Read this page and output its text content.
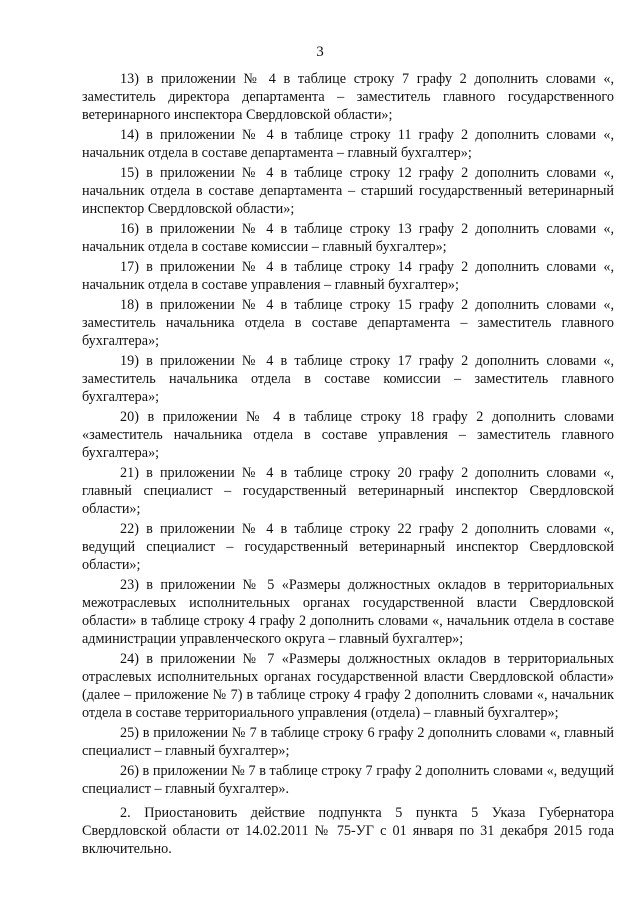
3

13) в приложении № 4 в таблице строку 7 графу 2 дополнить словами «, заместитель директора департамента – заместитель главного государственного ветеринарного инспектора Свердловской области»;

14) в приложении № 4 в таблице строку 11 графу 2 дополнить словами «, начальник отдела в составе департамента – главный бухгалтер»;

15) в приложении № 4 в таблице строку 12 графу 2 дополнить словами «, начальник отдела в составе департамента – старший государственный ветеринарный инспектор Свердловской области»;

16) в приложении № 4 в таблице строку 13 графу 2 дополнить словами «, начальник отдела в составе комиссии – главный бухгалтер»;

17) в приложении № 4 в таблице строку 14 графу 2 дополнить словами «, начальник отдела в составе управления – главный бухгалтер»;

18) в приложении № 4 в таблице строку 15 графу 2 дополнить словами «, заместитель начальника отдела в составе департамента – заместитель главного бухгалтера»;

19) в приложении № 4 в таблице строку 17 графу 2 дополнить словами «, заместитель начальника отдела в составе комиссии – заместитель главного бухгалтера»;

20) в приложении № 4 в таблице строку 18 графу 2 дополнить словами «заместитель начальника отдела в составе управления – заместитель главного бухгалтера»;

21) в приложении № 4 в таблице строку 20 графу 2 дополнить словами «, главный специалист – государственный ветеринарный инспектор Свердловской области»;

22) в приложении № 4 в таблице строку 22 графу 2 дополнить словами «, ведущий специалист – государственный ветеринарный инспектор Свердловской области»;

23) в приложении № 5 «Размеры должностных окладов в территориальных межотраслевых исполнительных органах государственной власти Свердловской области» в таблице строку 4 графу 2 дополнить словами «, начальник отдела в составе администрации управленческого округа – главный бухгалтер»;

24) в приложении № 7 «Размеры должностных окладов в территориальных отраслевых исполнительных органах государственной власти Свердловской области» (далее – приложение № 7) в таблице строку 4 графу 2 дополнить словами «, начальник отдела в составе территориального управления (отдела) – главный бухгалтер»;

25) в приложении № 7 в таблице строку 6 графу 2 дополнить словами «, главный специалист – главный бухгалтер»;

26) в приложении № 7 в таблице строку 7 графу 2 дополнить словами «, ведущий специалист – главный бухгалтер».

2. Приостановить действие подпункта 5 пункта 5 Указа Губернатора Свердловской области от 14.02.2011 № 75-УГ с 01 января по 31 декабря 2015 года включительно.
